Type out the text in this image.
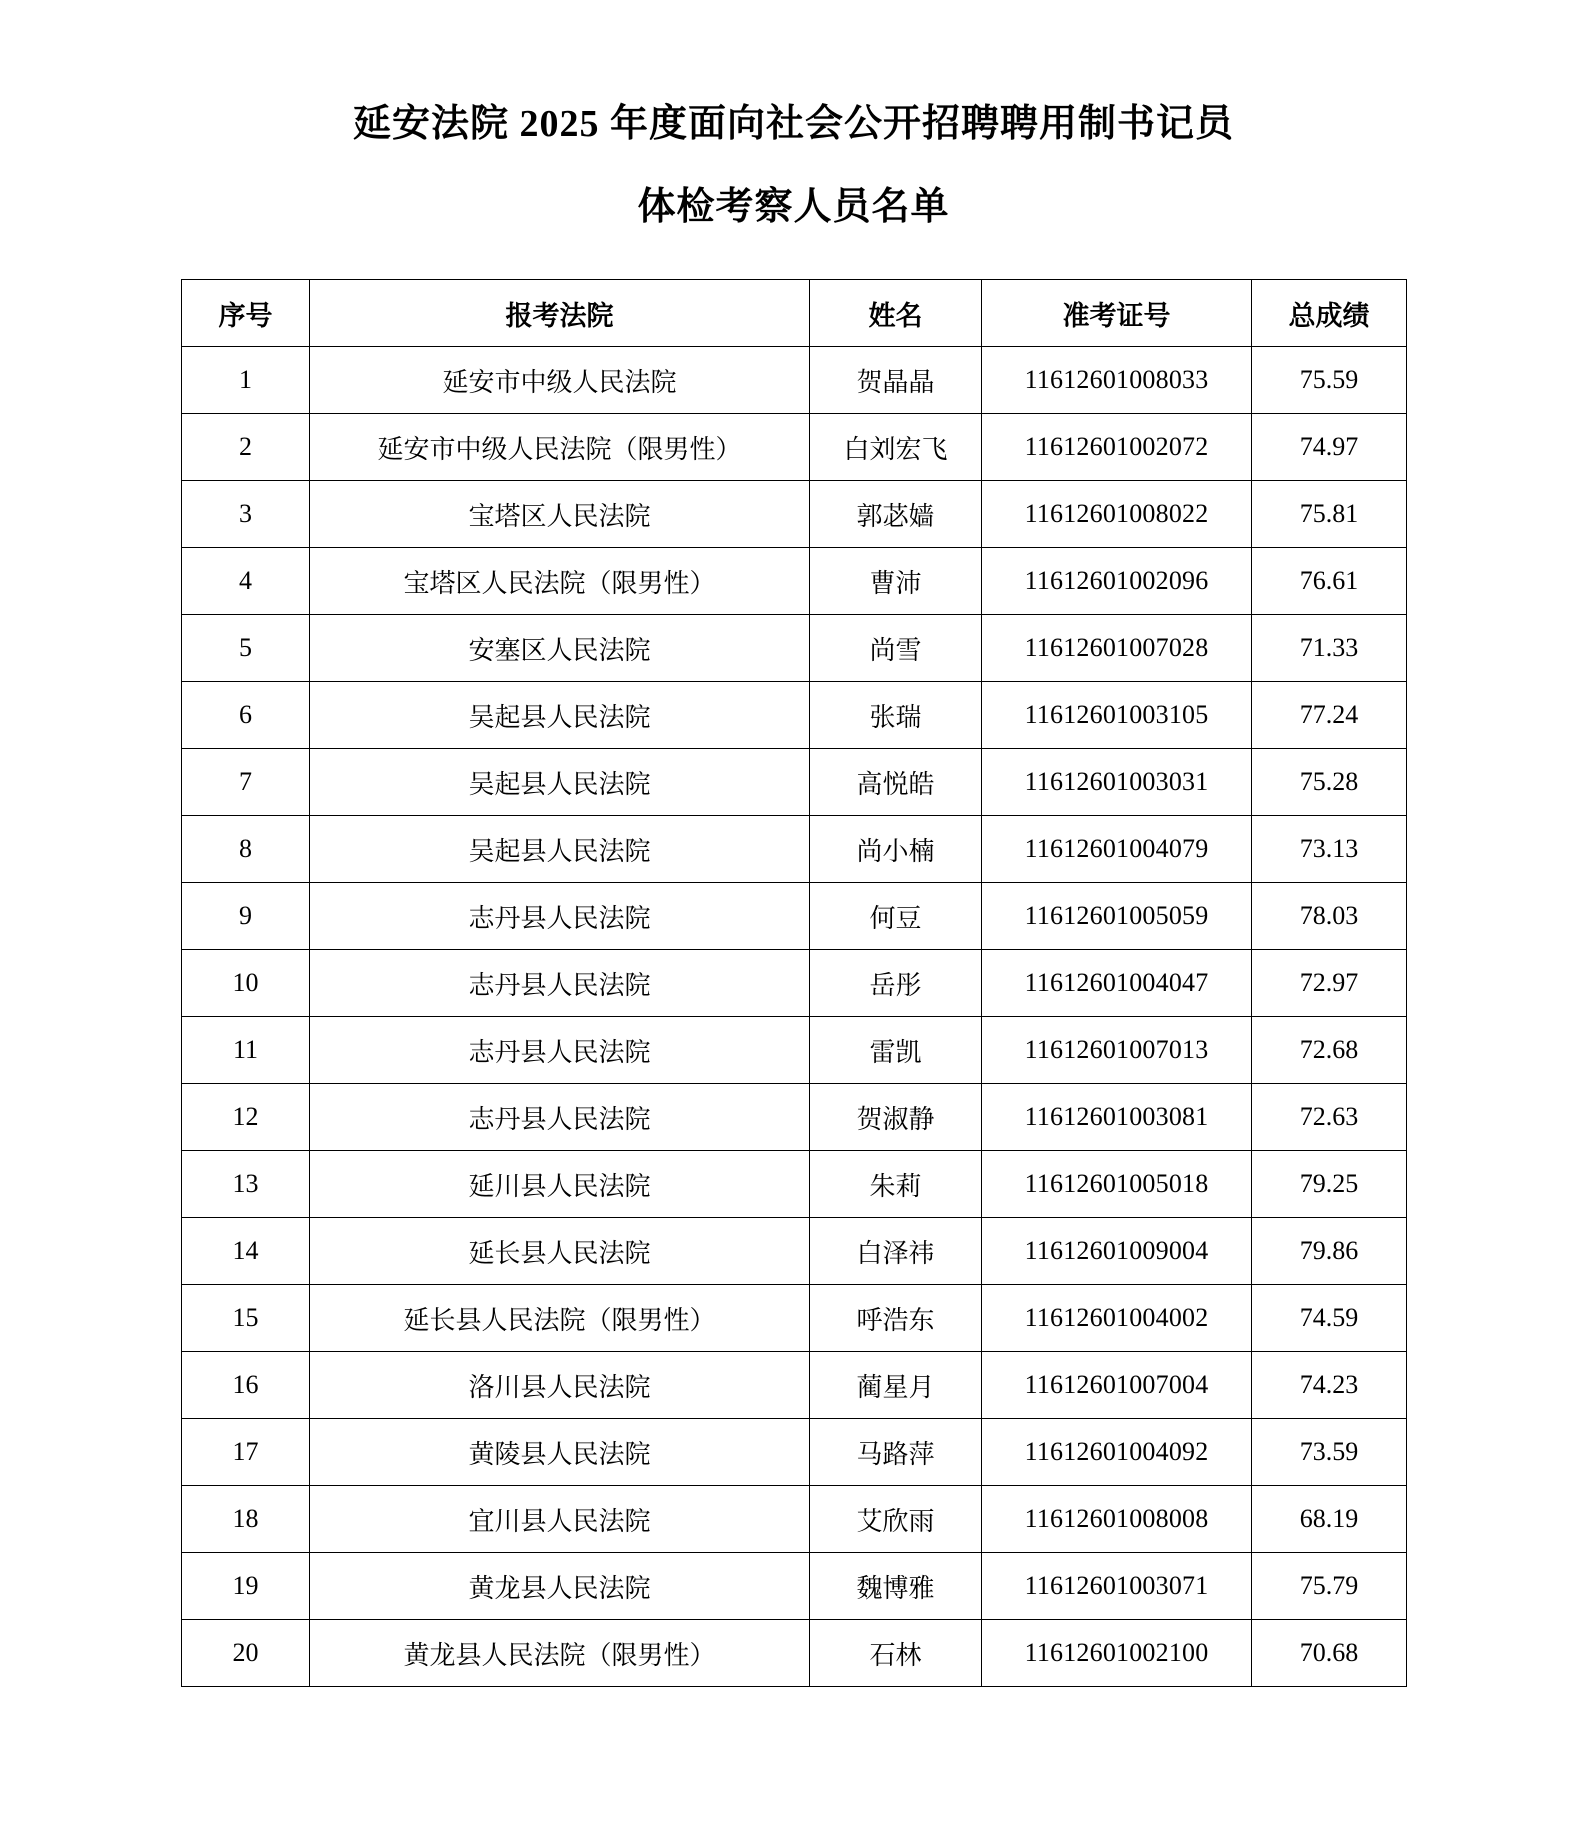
延安法院 2025 年度面向社会公开招聘聘用制书记员
体检考察人员名单
序号	报考法院	姓名	准考证号	总成绩
1	延安市中级人民法院	贺晶晶	11612601008033	75.59
2	延安市中级人民法院（限男性）	白刘宏飞	11612601002072	74.97
3	宝塔区人民法院	郭苾嫱	11612601008022	75.81
4	宝塔区人民法院（限男性）	曹沛	11612601002096	76.61
5	安塞区人民法院	尚雪	11612601007028	71.33
6	吴起县人民法院	张瑞	11612601003105	77.24
7	吴起县人民法院	高悦皓	11612601003031	75.28
8	吴起县人民法院	尚小楠	11612601004079	73.13
9	志丹县人民法院	何豆	11612601005059	78.03
10	志丹县人民法院	岳彤	11612601004047	72.97
11	志丹县人民法院	雷凯	11612601007013	72.68
12	志丹县人民法院	贺淑静	11612601003081	72.63
13	延川县人民法院	朱莉	11612601005018	79.25
14	延长县人民法院	白泽祎	11612601009004	79.86
15	延长县人民法院（限男性）	呼浩东	11612601004002	74.59
16	洛川县人民法院	蔺星月	11612601007004	74.23
17	黄陵县人民法院	马路萍	11612601004092	73.59
18	宜川县人民法院	艾欣雨	11612601008008	68.19
19	黄龙县人民法院	魏博雅	11612601003071	75.79
20	黄龙县人民法院（限男性）	石林	11612601002100	70.68
